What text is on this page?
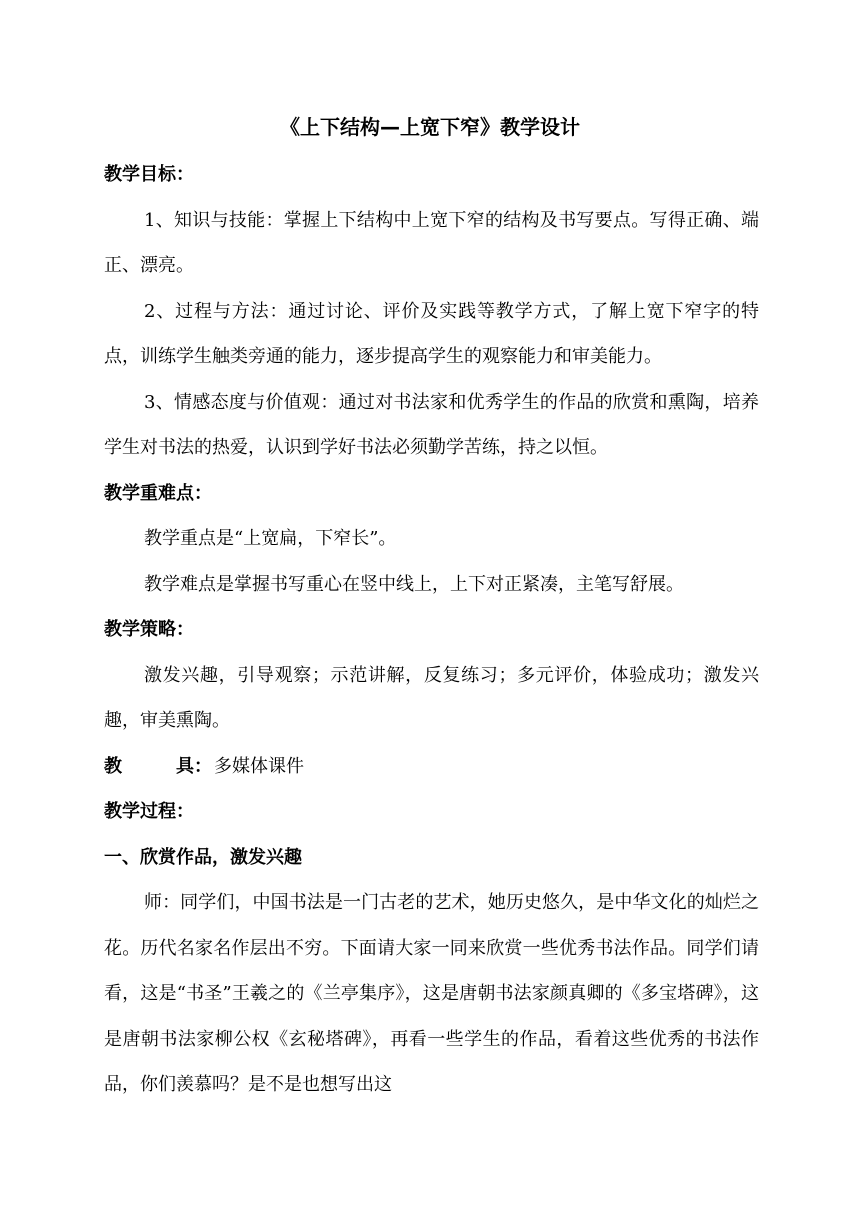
《上下结构—上宽下窄》教学设计

教学目标：

1、知识与技能：掌握上下结构中上宽下窄的结构及书写要点。写得正确、端正、漂亮。

2、过程与方法：通过讨论、评价及实践等教学方式，了解上宽下窄字的特点，训练学生触类旁通的能力，逐步提高学生的观察能力和审美能力。

3、情感态度与价值观：通过对书法家和优秀学生的作品的欣赏和熏陶，培养学生对书法的热爱，认识到学好书法必须勤学苦练，持之以恒。

教学重难点：

教学重点是“上宽扁，下窄长”。

教学难点是掌握书写重心在竖中线上，上下对正紧凑，主笔写舒展。

教学策略：

激发兴趣，引导观察；示范讲解，反复练习；多元评价，体验成功；激发兴趣，审美熏陶。

教	具： 多媒体课件

教学过程：

一、欣赏作品，激发兴趣

师：同学们，中国书法是一门古老的艺术，她历史悠久，是中华文化的灿烂之花。历代名家名作层出不穷。下面请大家一同来欣赏一些优秀书法作品。同学们请看，这是“书圣”王羲之的《兰亭集序》，这是唐朝书法家颜真卿的《多宝塔碑》，这是唐朝书法家柳公权《玄秘塔碑》，再看一些学生的作品，看着这些优秀的书法作品，你们羡慕吗？是不是也想写出这
